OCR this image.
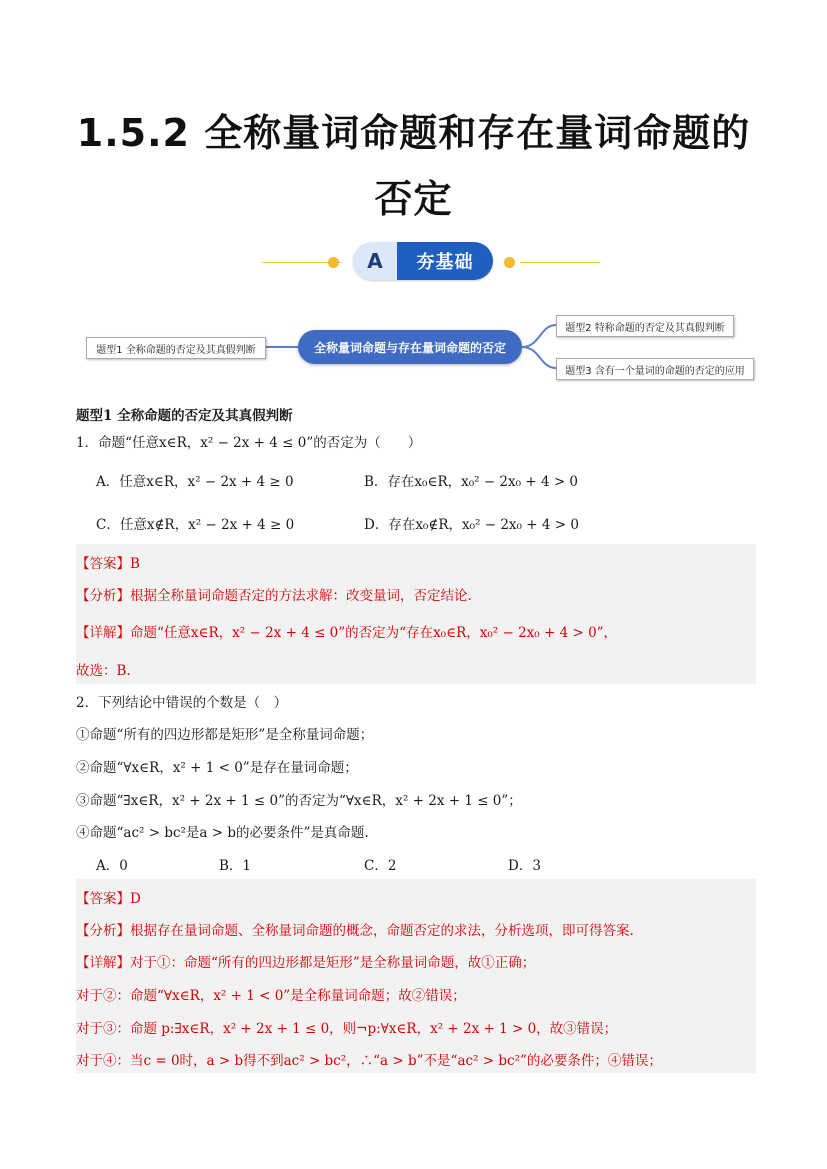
1.5.2 全称量词命题和存在量词命题的
否定
A	夯基础
题型1 全称命题的否定及其真假判断	全称量词命题与存在量词命题的否定
题型2 特称命题的否定及其真假判断
题型3 含有一个量词的命题的否定的应用
题型1 全称命题的否定及其真假判断
1．命题“任意x∈R，x² − 2x + 4 ≤ 0”的否定为（　　）
A．任意x∈R，x² − 2x + 4 ≥ 0	B．存在x₀∈R，x₀² − 2x₀ + 4 > 0
C．任意x∉R，x² − 2x + 4 ≥ 0	D．存在x₀∉R，x₀² − 2x₀ + 4 > 0
【答案】B
【分析】根据全称量词命题否定的方法求解：改变量词，否定结论.
【详解】命题“任意x∈R，x² − 2x + 4 ≤ 0”的否定为“存在x₀∈R，x₀² − 2x₀ + 4 > 0”，
故选：B.
2．下列结论中错误的个数是（　）
①命题“所有的四边形都是矩形”是全称量词命题；
②命题“∀x∈R，x² + 1 < 0”是存在量词命题；
③命题“∃x∈R，x² + 2x + 1 ≤ 0”的否定为“∀x∈R，x² + 2x + 1 ≤ 0”；
④命题“ac² > bc²是a > b的必要条件”是真命题.
A．0	B．1	C．2	D．3
【答案】D
【分析】根据存在量词命题、全称量词命题的概念，命题否定的求法，分析选项，即可得答案.
【详解】对于①：命题“所有的四边形都是矩形”是全称量词命题，故①正确；
对于②：命题“∀x∈R，x² + 1 < 0”是全称量词命题；故②错误；
对于③：命题 p:∃x∈R，x² + 2x + 1 ≤ 0，则¬p:∀x∈R，x² + 2x + 1 > 0，故③错误；
对于④：当c = 0时，a > b得不到ac² > bc²，∴“a > b”不是“ac² > bc²”的必要条件；④错误；
